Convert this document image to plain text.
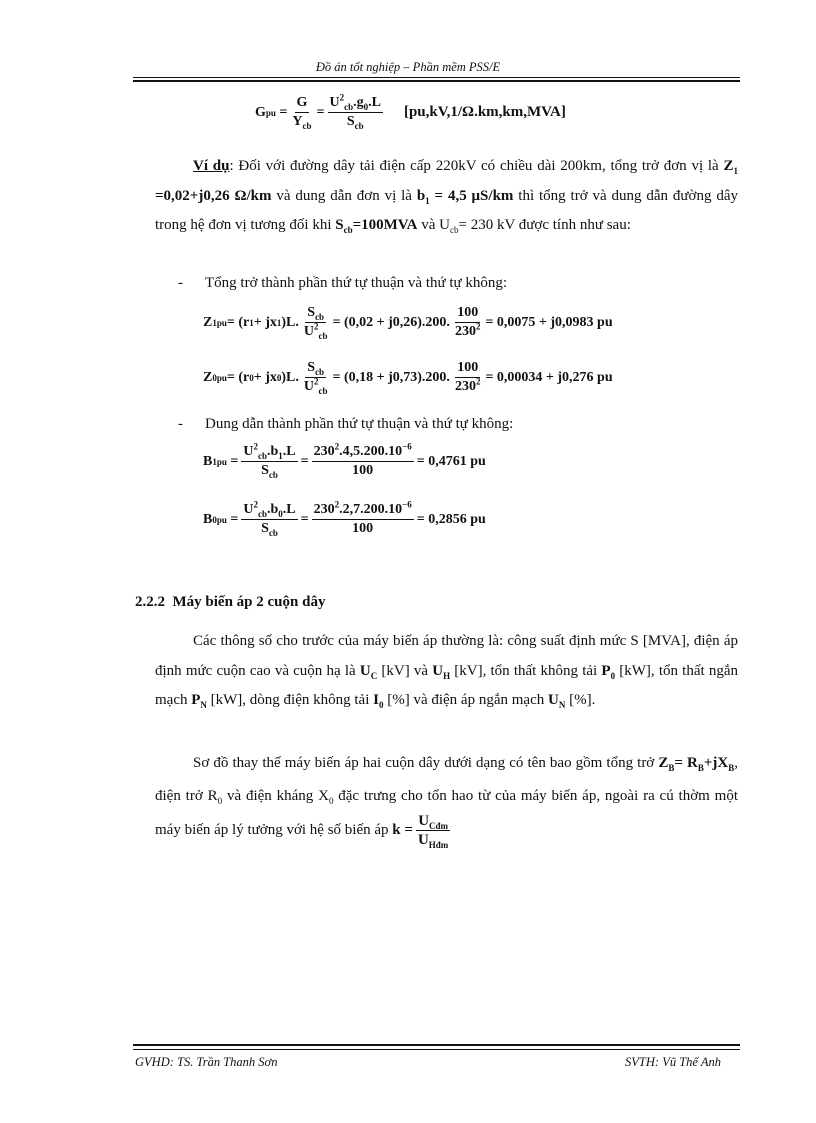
Đồ án tốt nghiệp – Phần mềm PSS/E
G pu = $\frac{G}{Y_{cb}} = \frac{U^2_{cb}.g_0.L}{S_{cb}} [pu,kV,1/\Omega.km,km,MVA]$
Ví dụ: Đối với đường dây tải điện cấp 220kV có chiều dài 200km, tổng trở đơn vị là $Z_1 =0,02+j0,26$ Ω/km và dung dẫn đơn vị là $b_1 = 4,5$ μS/km thì tổng trở và dung dẫn đường dây trong hệ đơn vị tương đối khi $S_{cb}=100MVA$ và $U_{cb}= 230$ kV được tính như sau:
- Tổng trở thành phần thứ tự thuận và thứ tự không:
Z 1pu = (r 1 + jx 1 )L. $\frac{S_{cb}}{U^2_{cb}} = (0,02 + j0,26).200$. $\frac{100}{230^2} = 0,0075 + j0,0983$ pu
Z 0pu = (r 0 + jx 0 )L. $\frac{S_{cb}}{U^2_{cb}} = (0,18 + j0,73).200$. $\frac{100}{230^2} = 0,00034 + j0,276$ pu
- Dung dẫn thành phần thứ tự thuận và thứ tự không:
B $1pu = \frac{U^2_{cb}.b_1.L}{S_{cb}} = \frac{230^2.4,5.200.10^{-6}}{100} = 0,4761$ pu
B $0pu = \frac{U^2_{cb}.b_0.L}{S_{cb}} = \frac{230^2.2,7.200.10^{-6}}{100} = 0,2856$ pu
2.2.2 Máy biến áp 2 cuộn dây
Các thông số cho trước của máy biến áp thường là: công suất định mức S [MVA], điện áp định mức cuộn cao và cuộn hạ là $U_C$ [kV] và $U_H$ [kV], tổn thất không tải $P_0$ [kW], tổn thất ngắn mạch $P_N$ [kW], dòng điện không tải $I_0$ [%] và điện áp ngắn mạch $U_N$ [%].
Sơ đồ thay thế máy biến áp hai cuộn dây dưới dạng có tên bao gồm tổng trở $Z_B= R_B+jX_B$, điện trở $R_0$ và điện kháng $X_0$ đặc trưng cho tổn hao từ của máy biến áp, ngoài ra cú thờm một máy biến áp lý tưởng với hệ số biến áp $k = \frac{U_{Cđm}}{U_{Hđm}}$
GVHD: TS. Trần Thanh Sơn	SVTH: Vũ Thế Anh
